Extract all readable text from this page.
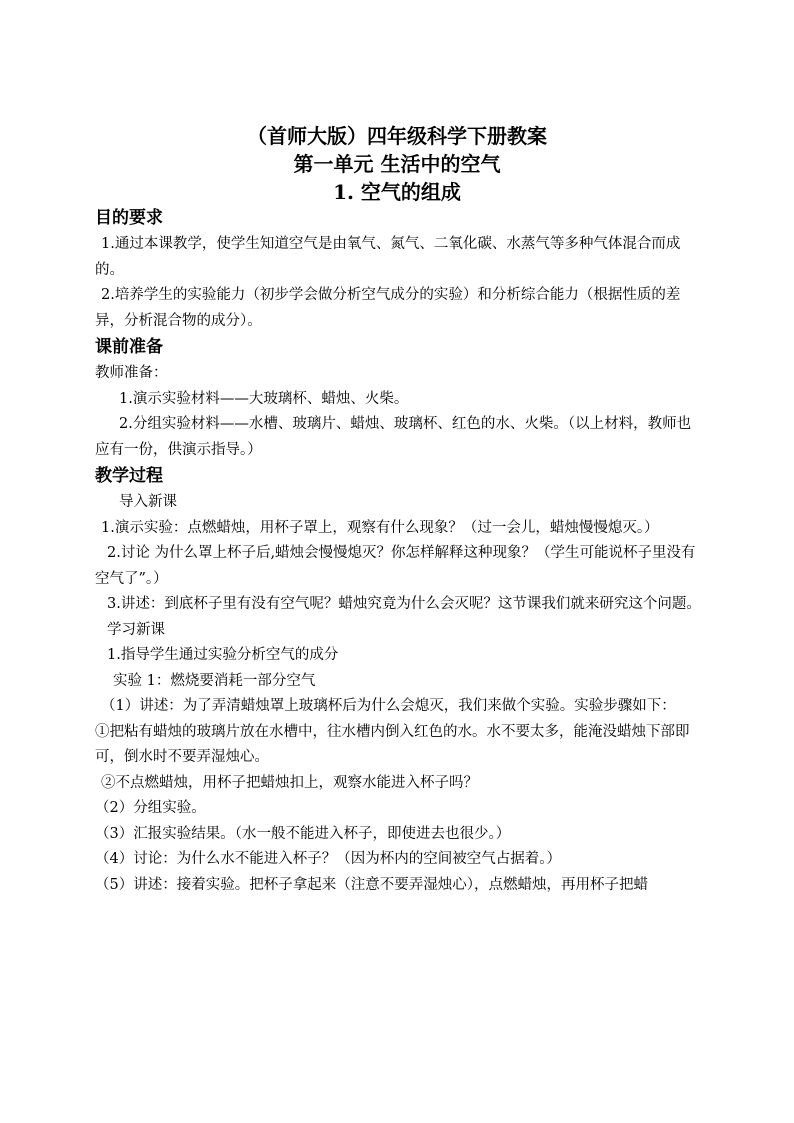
（首师大版）四年级科学下册教案
第一单元 生活中的空气
1. 空气的组成
目的要求
1.通过本课教学，使学生知道空气是由氧气、氮气、二氧化碳、水蒸气等多种气体混合而成的。
2.培养学生的实验能力（初步学会做分析空气成分的实验）和分析综合能力（根据性质的差异，分析混合物的成分）。
课前准备
教师准备：
1.演示实验材料——大玻璃杯、蜡烛、火柴。
2.分组实验材料——水槽、玻璃片、蜡烛、玻璃杯、红色的水、火柴。（以上材料，教师也应有一份，供演示指导。）
教学过程
导入新课
1.演示实验：点燃蜡烛，用杯子罩上，观察有什么现象？（过一会儿，蜡烛慢慢熄灭。）
2.讨论 为什么罩上杯子后,蜡烛会慢慢熄灭？你怎样解释这种现象？（学生可能说杯子里没有空气了”。）
3.讲述：到底杯子里有没有空气呢？蜡烛究竟为什么会灭呢？这节课我们就来研究这个问题。
学习新课
1.指导学生通过实验分析空气的成分
实验 1：燃烧要消耗一部分空气
（1）讲述：为了弄清蜡烛罩上玻璃杯后为什么会熄灭，我们来做个实验。实验步骤如下：
①把粘有蜡烛的玻璃片放在水槽中，往水槽内倒入红色的水。水不要太多，能淹没蜡烛下部即可，倒水时不要弄湿烛心。
②不点燃蜡烛，用杯子把蜡烛扣上，观察水能进入杯子吗？
（2）分组实验。
（3）汇报实验结果。（水一般不能进入杯子，即使进去也很少。）
（4）讨论：为什么水不能进入杯子？（因为杯内的空间被空气占据着。）
（5）讲述：接着实验。把杯子拿起来（注意不要弄湿烛心），点燃蜡烛，再用杯子把蜡
